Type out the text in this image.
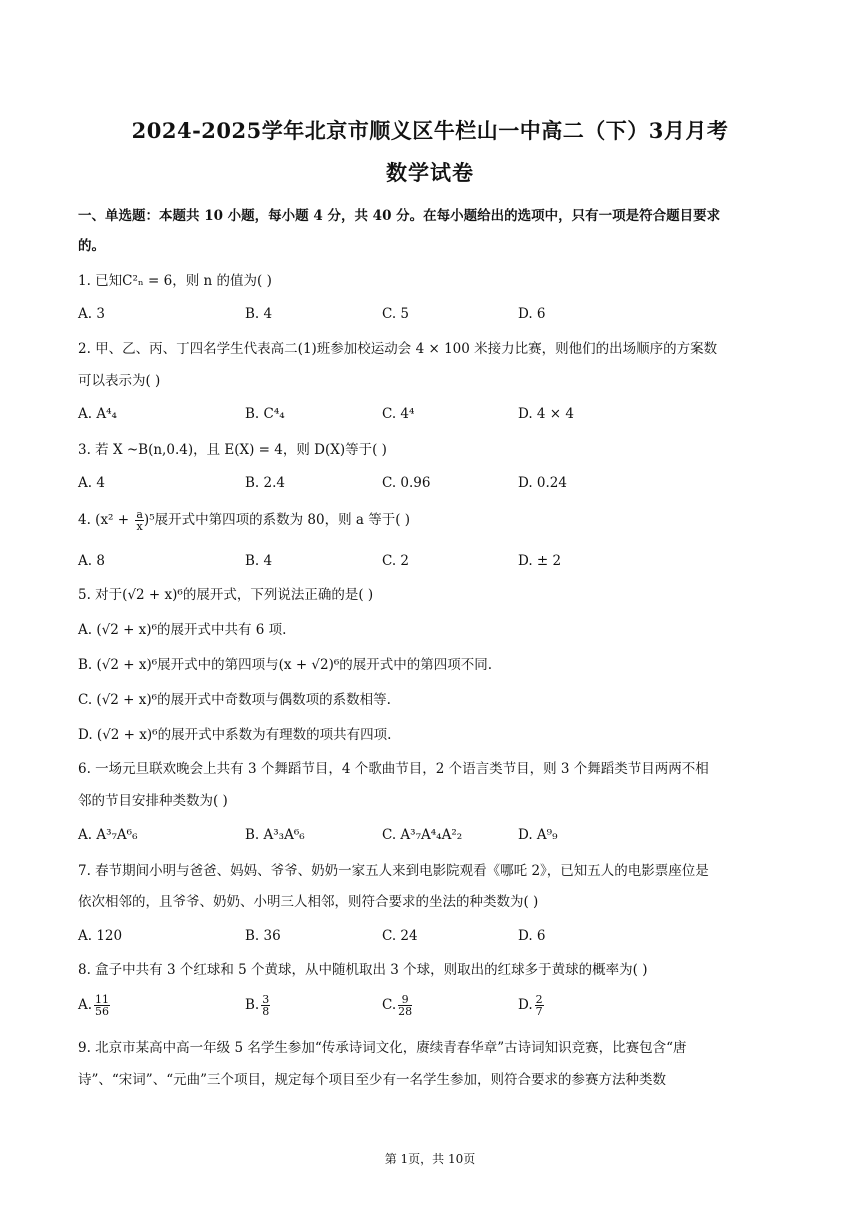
2024-2025学年北京市顺义区牛栏山一中高二（下）3月月考
数学试卷
一、单选题：本题共 10 小题，每小题 4 分，共 40 分。在每小题给出的选项中，只有一项是符合题目要求
的。
1. 已知C²ₙ = 6，则 n 的值为( )
A. 3	B. 4	C. 5	D. 6
2. 甲、乙、丙、丁四名学生代表高二(1)班参加校运动会 4 × 100 米接力比赛，则他们的出场顺序的方案数
可以表示为( )
A. A⁴₄	B. C⁴₄	C. 4⁴	D. 4 × 4
3. 若 X ~B(n,0.4)，且 E(X) = 4，则 D(X)等于( )
A. 4	B. 2.4	C. 0.96	D. 0.24
4. $(x^2 + \frac{a}{x} )^5$展开式中第四项的系数为 80，则 a 等于( )
A. 8	B. 4	C. 2	D. ± 2
5. 对于(√2 + x)⁶的展开式，下列说法正确的是( )
A. (√2 + x)⁶的展开式中共有 6 项.
B. (√2 + x)⁶展开式中的第四项与(x + √2)⁶的展开式中的第四项不同.
C. (√2 + x)⁶的展开式中奇数项与偶数项的系数相等.
D. (√2 + x)⁶的展开式中系数为有理数的项共有四项.
6. 一场元旦联欢晚会上共有 3 个舞蹈节目，4 个歌曲节目，2 个语言类节目，则 3 个舞蹈类节目两两不相
邻的节目安排种类数为( )
A. A³₇A⁶₆	B. A³₃A⁶₆	C. A³₇A⁴₄A²₂	D. A⁹₉
7. 春节期间小明与爸爸、妈妈、爷爷、奶奶一家五人来到电影院观看《哪吒 2》，已知五人的电影票座位是
依次相邻的，且爷爷、奶奶、小明三人相邻，则符合要求的坐法的种类数为( )
A. 120	B. 36	C. 24	D. 6
8. 盒子中共有 3 个红球和 5 个黄球，从中随机取出 3 个球，则取出的红球多于黄球的概率为( )
A. $\frac{11}{56}$	B. $\frac{3}{8}$	C. $\frac{9}{28}$	D. $\frac{2}{7}$
9. 北京市某高中高一年级 5 名学生参加“传承诗词文化，赓续青春华章”古诗词知识竞赛，比赛包含“唐
诗”、“宋词”、“元曲”三个项目，规定每个项目至少有一名学生参加，则符合要求的参赛方法种类数
第 1页，共 10页
